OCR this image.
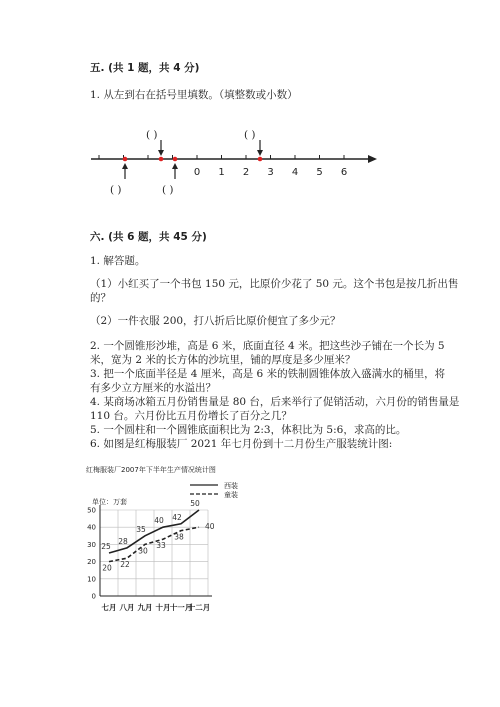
五. (共 1 题，共 4 分)
1. 从左到右在括号里填数。（填整数或小数）
0 1 2 3 4 5 6
( )	( )
( )	( )
六. (共 6 题，共 45 分)
1. 解答题。
（1）小红买了一个书包 150 元，比原价少花了 50 元。这个书包是按几折出售
的？
（2）一件衣服 200，打八折后比原价便宜了多少元？
2. 一个圆锥形沙堆，高是 6 米，底面直径 4 米。把这些沙子铺在一个长为 5
米，宽为 2 米的长方体的沙坑里，铺的厚度是多少厘米？
3. 把一个底面半径是 4 厘米，高是 6 米的铁制圆锥体放入盛满水的桶里，将
有多少立方厘米的水溢出？
4. 某商场冰箱五月份销售量是 80 台，后来举行了促销活动，六月份的销售量是
110 台。六月份比五月份增长了百分之几？
5. 一个圆柱和一个圆锥底面积比为 2:3，体积比为 5:6，求高的比。
6. 如图是红梅服装厂 2021 年七月份到十二月份生产服装统计图:
红梅服装厂2007年下半年生产情况统计图
单位：万套
西装
童装
0
10
20
30
40
50
七月 八月 九月 十月 十一月
十二月
25
28
35
40 42
50
20 22
30
33
38
40
